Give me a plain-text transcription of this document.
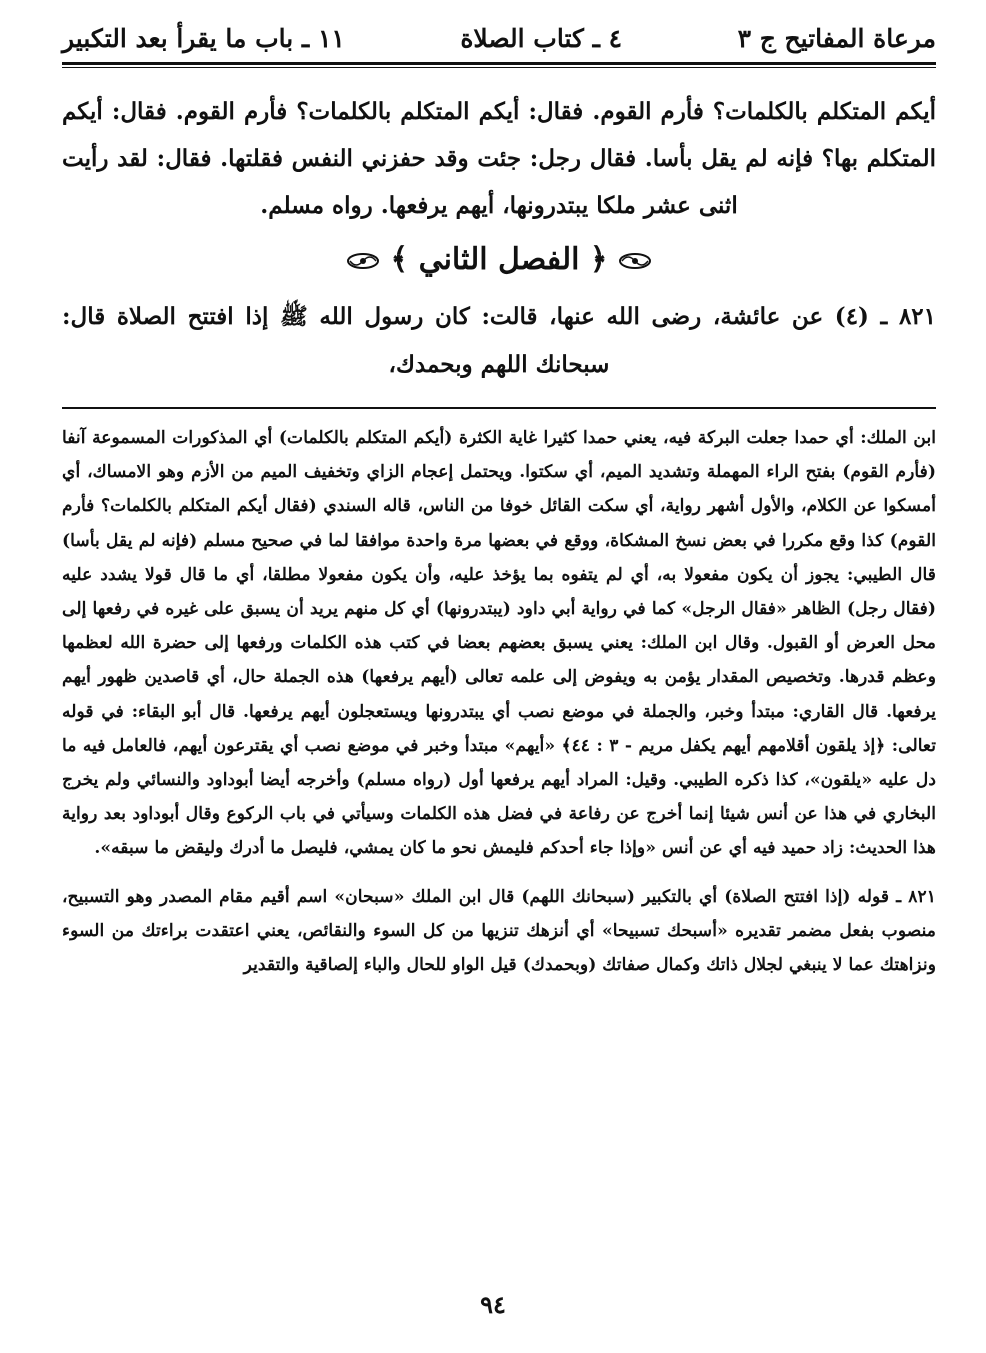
مرعاة المفاتيح ج ٣
٤ ـ كتاب الصلاة
١١ ـ باب ما يقرأ بعد التكبير

أيكم المتكلم بالكلمات؟ فأرم القوم. فقال: أيكم المتكلم بالكلمات؟ فأرم القوم. فقال: أيكم المتكلم بها؟ فإنه لم يقل بأسا. فقال رجل: جئت وقد حفزني النفس فقلتها. فقال: لقد رأيت اثنى عشر ملكا يبتدرونها، أيهم يرفعها. رواه مسلم.

﴿ الفصل الثاني ﴾

٨٢١ ـ (٤) عن عائشة، رضى الله عنها، قالت: كان رسول الله ﷺ إذا افتتح الصلاة قال: سبحانك اللهم وبحمدك،

ابن الملك: أي حمدا جعلت البركة فيه، يعني حمدا كثيرا غاية الكثرة (أيكم المتكلم بالكلمات) أي المذكورات المسموعة آنفا (فأرم القوم) بفتح الراء المهملة وتشديد الميم، أي سكتوا. ويحتمل إعجام الزاي وتخفيف الميم من الأزم وهو الامساك، أي أمسكوا عن الكلام، والأول أشهر رواية، أي سكت القائل خوفا من الناس، قاله السندي (فقال أيكم المتكلم بالكلمات؟ فأرم القوم) كذا وقع مكررا في بعض نسخ المشكاة، ووقع في بعضها مرة واحدة موافقا لما في صحيح مسلم (فإنه لم يقل بأسا) قال الطيبي: يجوز أن يكون مفعولا به، أي لم يتفوه بما يؤخذ عليه، وأن يكون مفعولا مطلقا، أي ما قال قولا يشدد عليه (فقال رجل) الظاهر «فقال الرجل» كما في رواية أبي داود (يبتدرونها) أي كل منهم يريد أن يسبق على غيره في رفعها إلى محل العرض أو القبول. وقال ابن الملك: يعني يسبق بعضهم بعضا في كتب هذه الكلمات ورفعها إلى حضرة الله لعظمها وعظم قدرها. وتخصيص المقدار يؤمن به ويفوض إلى علمه تعالى (أيهم يرفعها) هذه الجملة حال، أي قاصدين ظهور أيهم يرفعها. قال القاري: مبتدأ وخبر، والجملة في موضع نصب أي يبتدرونها ويستعجلون أيهم يرفعها. قال أبو البقاء: في قوله تعالى: ﴿إذ يلقون أقلامهم أيهم يكفل مريم - ٣ : ٤٤﴾ «أيهم» مبتدأ وخبر في موضع نصب أي يقترعون أيهم، فالعامل فيه ما دل عليه «يلقون»، كذا ذكره الطيبي. وقيل: المراد أيهم يرفعها أول (رواه مسلم) وأخرجه أيضا أبوداود والنسائي ولم يخرج البخاري في هذا عن أنس شيئا إنما أخرج عن رفاعة في فضل هذه الكلمات وسيأتي في باب الركوع وقال أبوداود بعد رواية هذا الحديث: زاد حميد فيه أي عن أنس «وإذا جاء أحدكم فليمش نحو ما كان يمشي، فليصل ما أدرك وليقض ما سبقه».

٨٢١ ـ قوله (إذا افتتح الصلاة) أي بالتكبير (سبحانك اللهم) قال ابن الملك «سبحان» اسم أقيم مقام المصدر وهو التسبيح، منصوب بفعل مضمر تقديره «أسبحك تسبيحا» أي أنزهك تنزيها من كل السوء والنقائص، يعني اعتقدت براءتك من السوء ونزاهتك عما لا ينبغي لجلال ذاتك وكمال صفاتك (وبحمدك) قيل الواو للحال والباء إلصاقية والتقدير

٩٤
